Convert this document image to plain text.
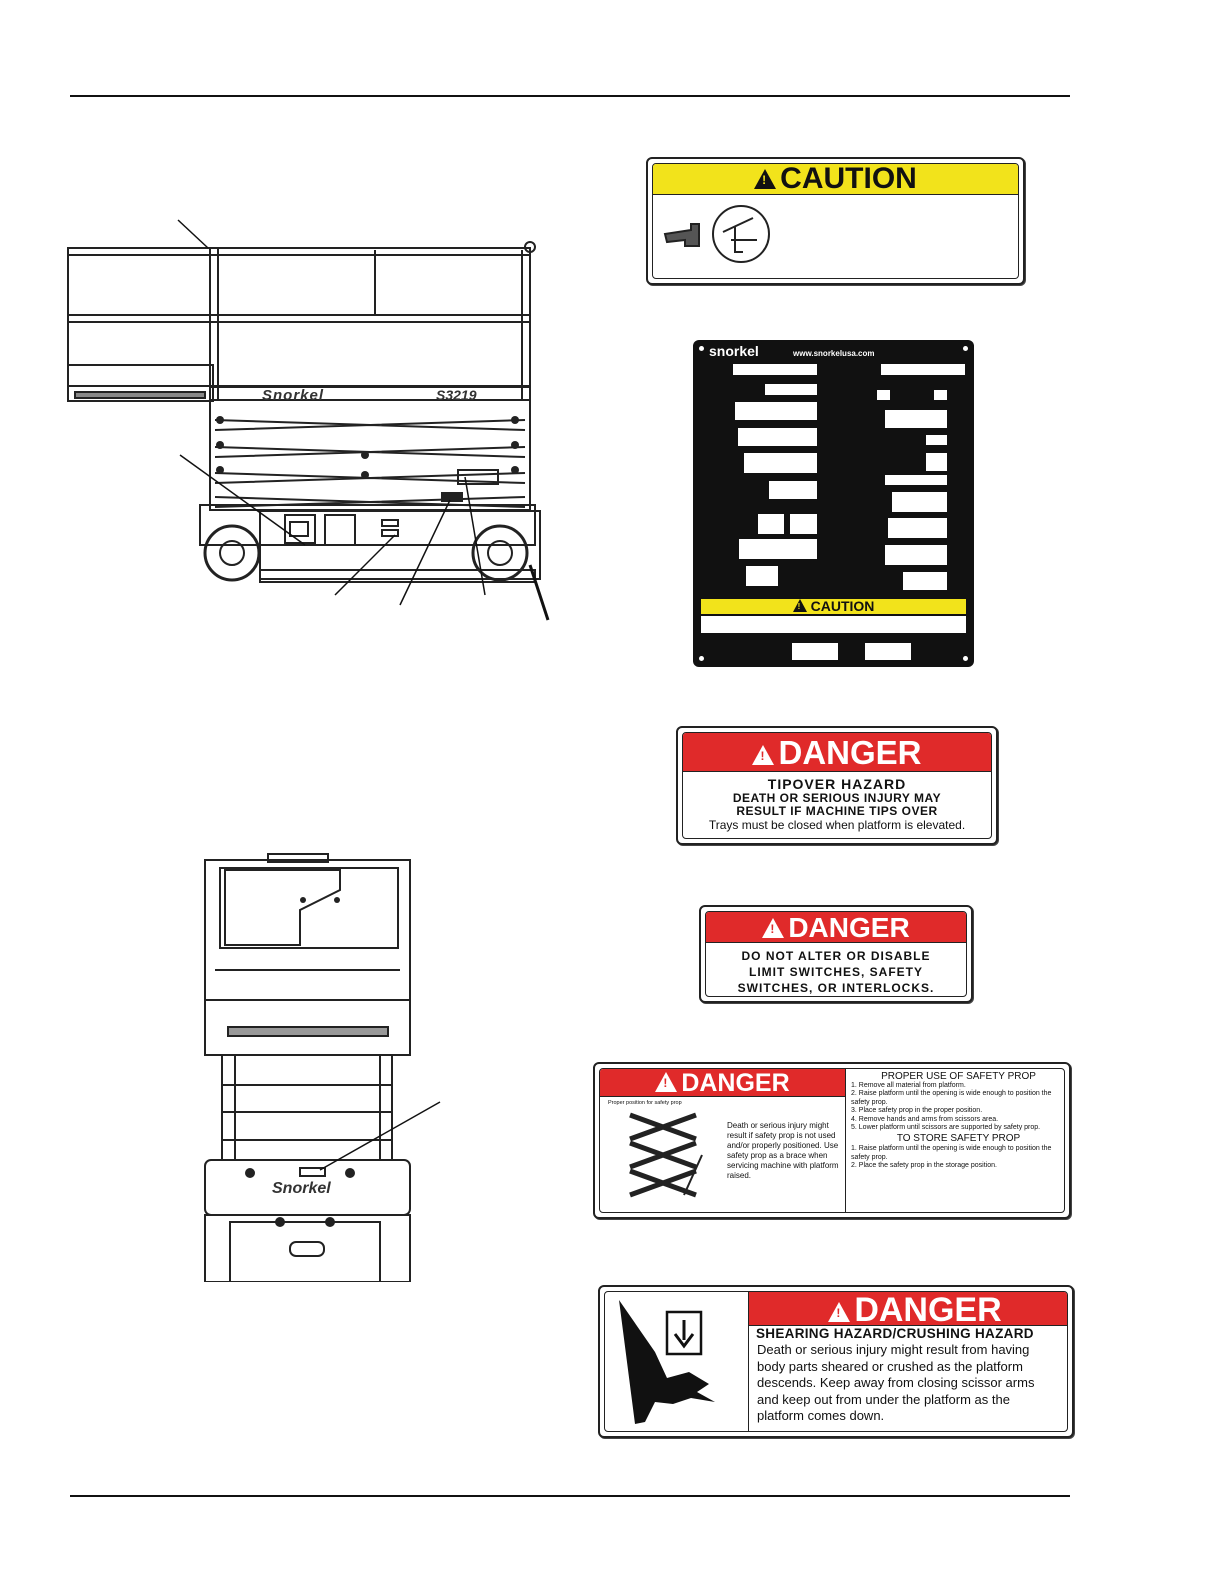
Snorkel	S3219
Snorkel
!CAUTION
snorkel	www.snorkelusa.com
!CAUTION
!DANGER
TIPOVER HAZARD
DEATH OR SERIOUS INJURY MAY
RESULT IF MACHINE TIPS OVER
Trays must be closed when platform is elevated.
!DANGER
DO NOT ALTER OR DISABLE
LIMIT SWITCHES, SAFETY
SWITCHES, OR INTERLOCKS.
!DANGER
Proper position for safety prop
Death or serious injury might result if safety prop is not used and/or properly positioned. Use safety prop as a brace when servicing machine with platform raised.
PROPER USE OF SAFETY PROP
1. Remove all material from platform.
2. Raise platform until the opening is wide enough to position the safety prop.
3. Place safety prop in the proper position.
4. Remove hands and arms from scissors area.
5. Lower platform until scissors are supported by safety prop.
TO STORE SAFETY PROP
1. Raise platform until the opening is wide enough to position the safety prop.
2. Place the safety prop in the storage position.
!DANGER
SHEARING HAZARD/CRUSHING HAZARD
Death or serious injury might result from having body parts sheared or crushed as the platform descends. Keep away from closing scissor arms and keep out from under the platform as the platform comes down.
